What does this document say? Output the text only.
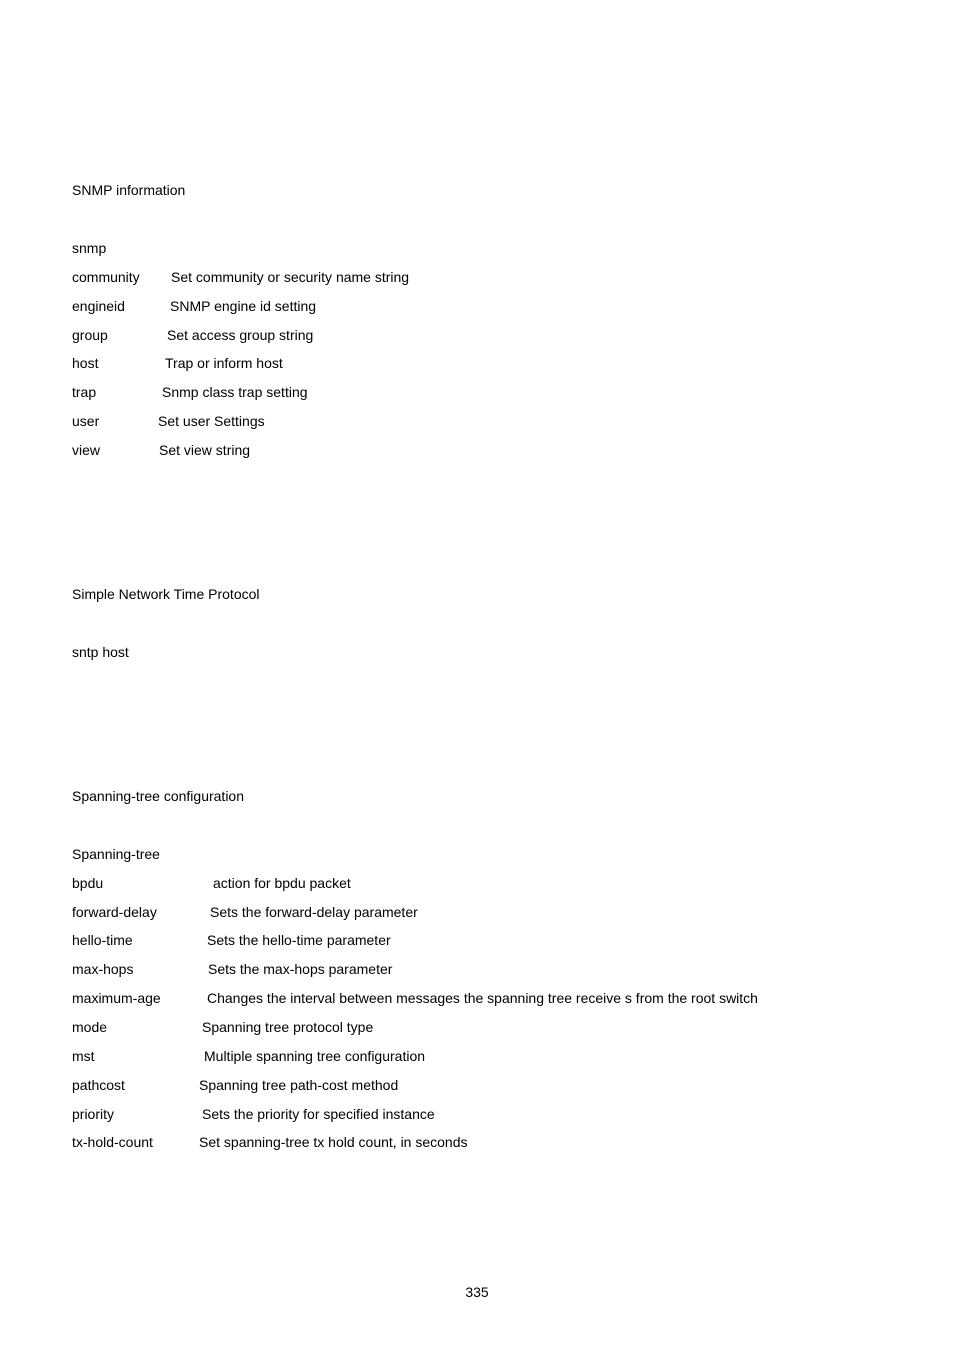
SNMP information
snmp
community Set community or security name string
engineid	SNMP engine id setting
group	Set access group string
host	Trap or inform host
trap	Snmp class trap setting
user	Set user Settings
view	Set view string
Simple Network Time Protocol
sntp host
Spanning-tree configuration
Spanning-tree
bpdu	action for bpdu packet
forward-delay	Sets the forward-delay parameter
hello-time	Sets the hello-time parameter
max-hops	Sets the max-hops parameter
maximum-age	Changes the interval between messages the spanning tree receive s from the root switch
mode	Spanning tree protocol type
mst	Multiple spanning tree configuration
pathcost	Spanning tree path-cost method
priority	Sets the priority for specified instance
tx-hold-count	Set spanning-tree tx hold count, in seconds
335
